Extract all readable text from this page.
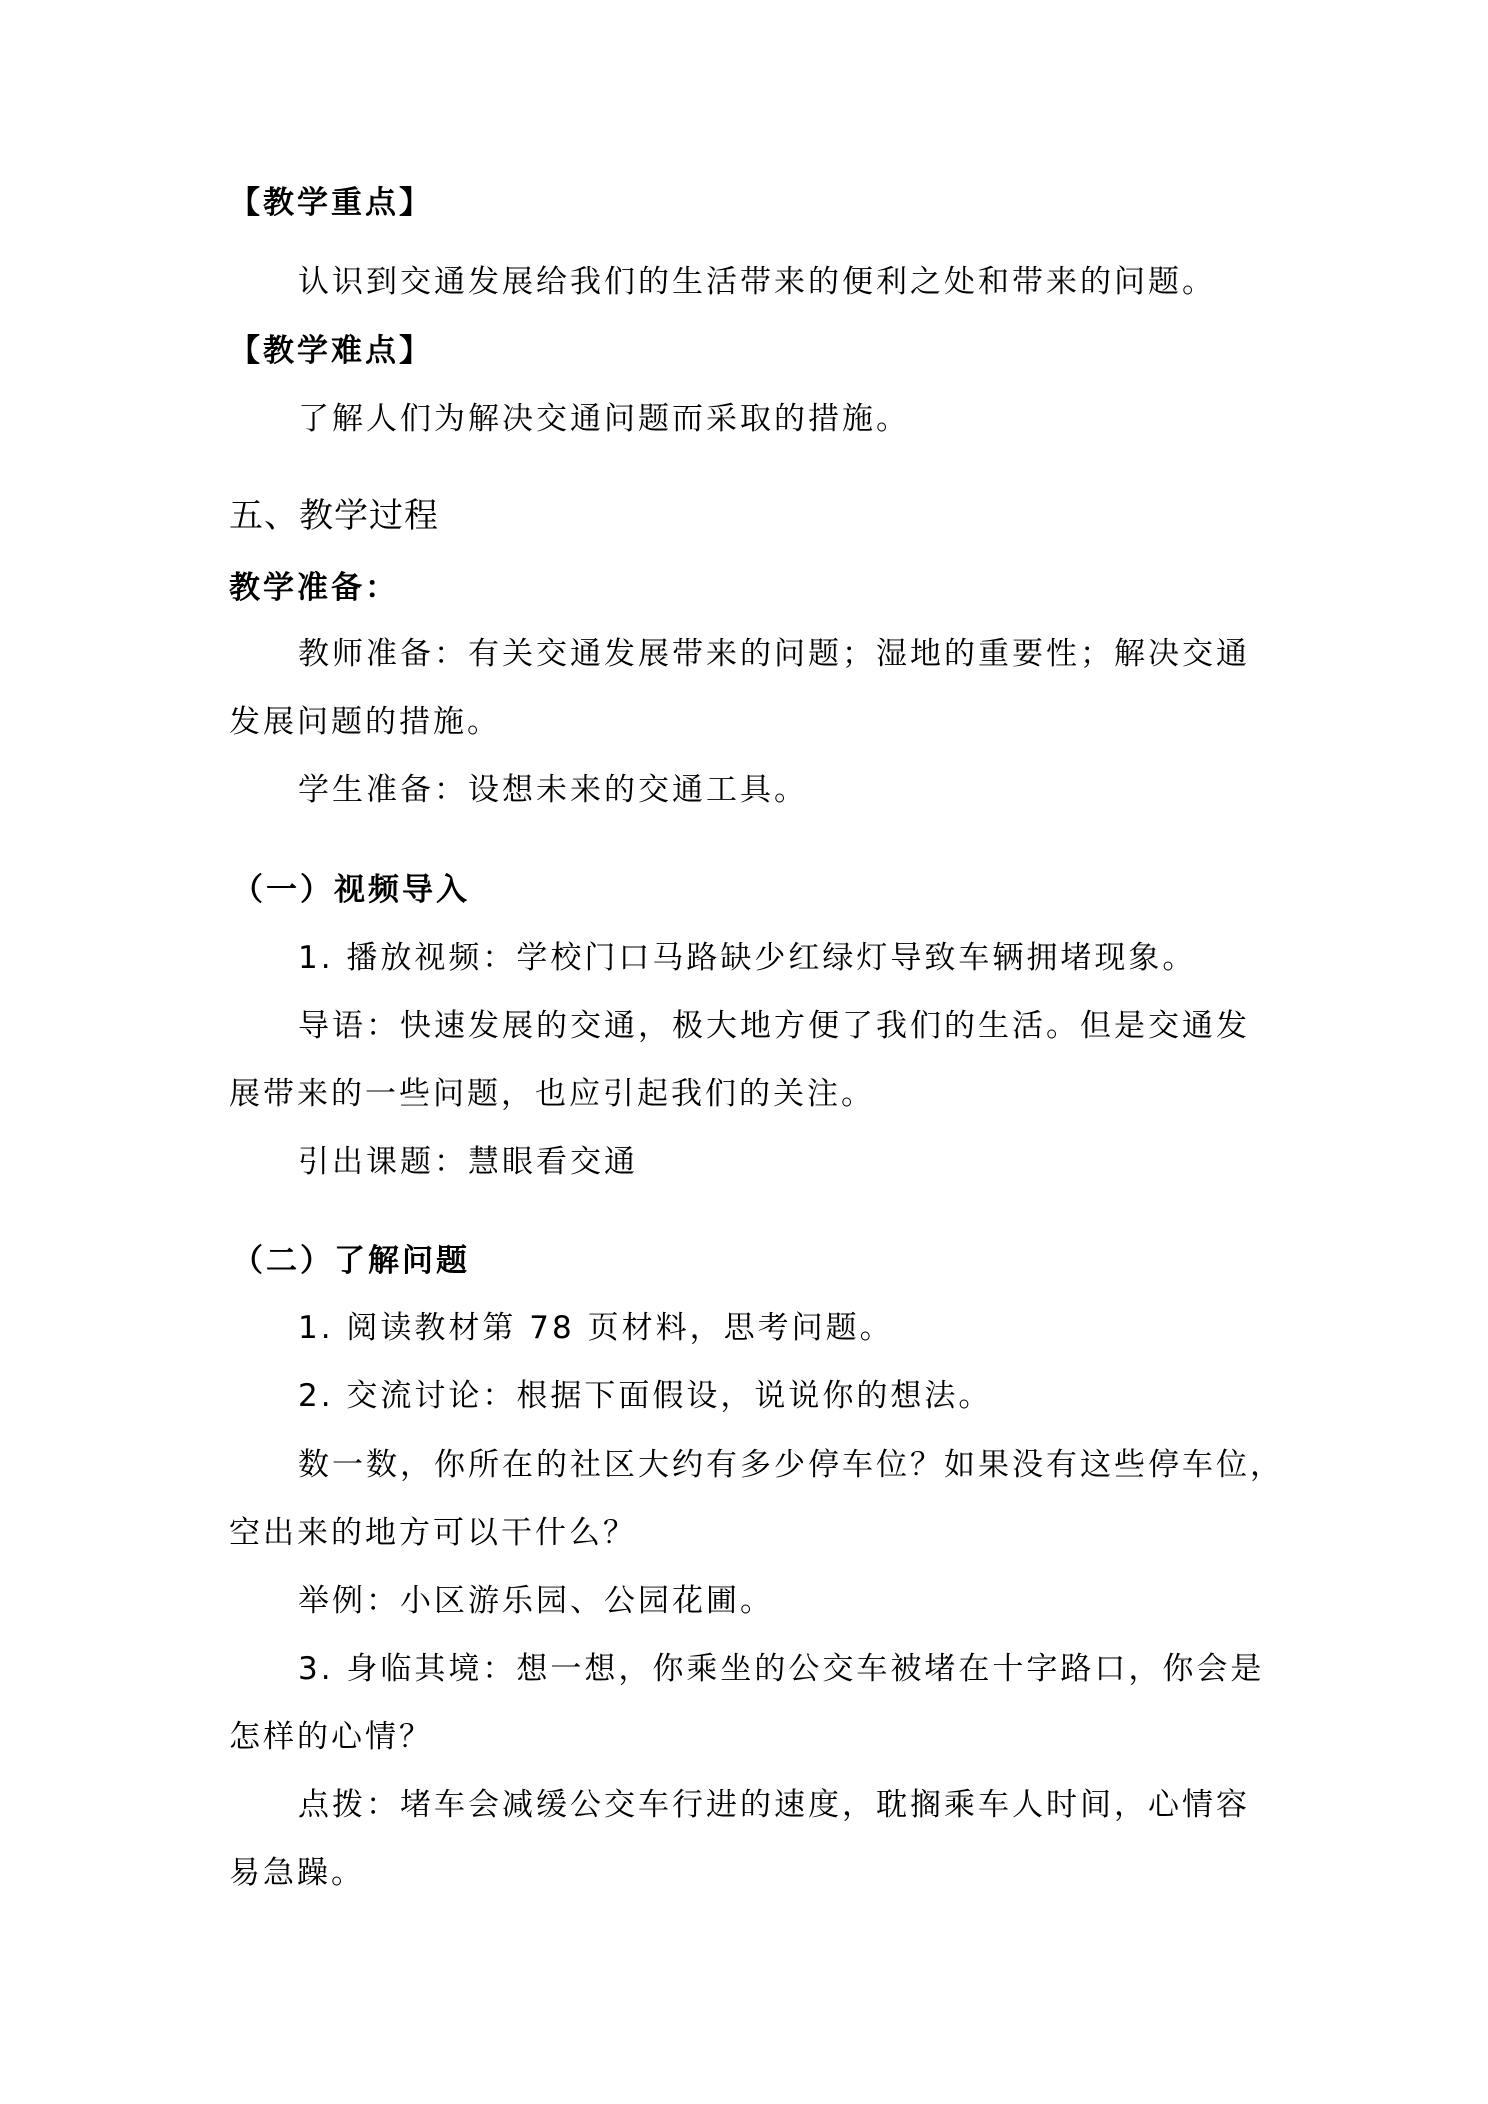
【教学重点】
认识到交通发展给我们的生活带来的便利之处和带来的问题。
【教学难点】
了解人们为解决交通问题而采取的措施。
五、教学过程
教学准备：
教师准备：有关交通发展带来的问题；湿地的重要性；解决交通
发展问题的措施。
学生准备：设想未来的交通工具。
（一）视频导入
1. 播放视频：学校门口马路缺少红绿灯导致车辆拥堵现象。
导语：快速发展的交通，极大地方便了我们的生活。但是交通发
展带来的一些问题，也应引起我们的关注。
引出课题：慧眼看交通
（二）了解问题
1. 阅读教材第 78 页材料，思考问题。
2. 交流讨论：根据下面假设，说说你的想法。
数一数，你所在的社区大约有多少停车位？如果没有这些停车位，
空出来的地方可以干什么？
举例：小区游乐园、公园花圃。
3. 身临其境：想一想，你乘坐的公交车被堵在十字路口，你会是
怎样的心情？
点拨：堵车会减缓公交车行进的速度，耽搁乘车人时间，心情容
易急躁。
